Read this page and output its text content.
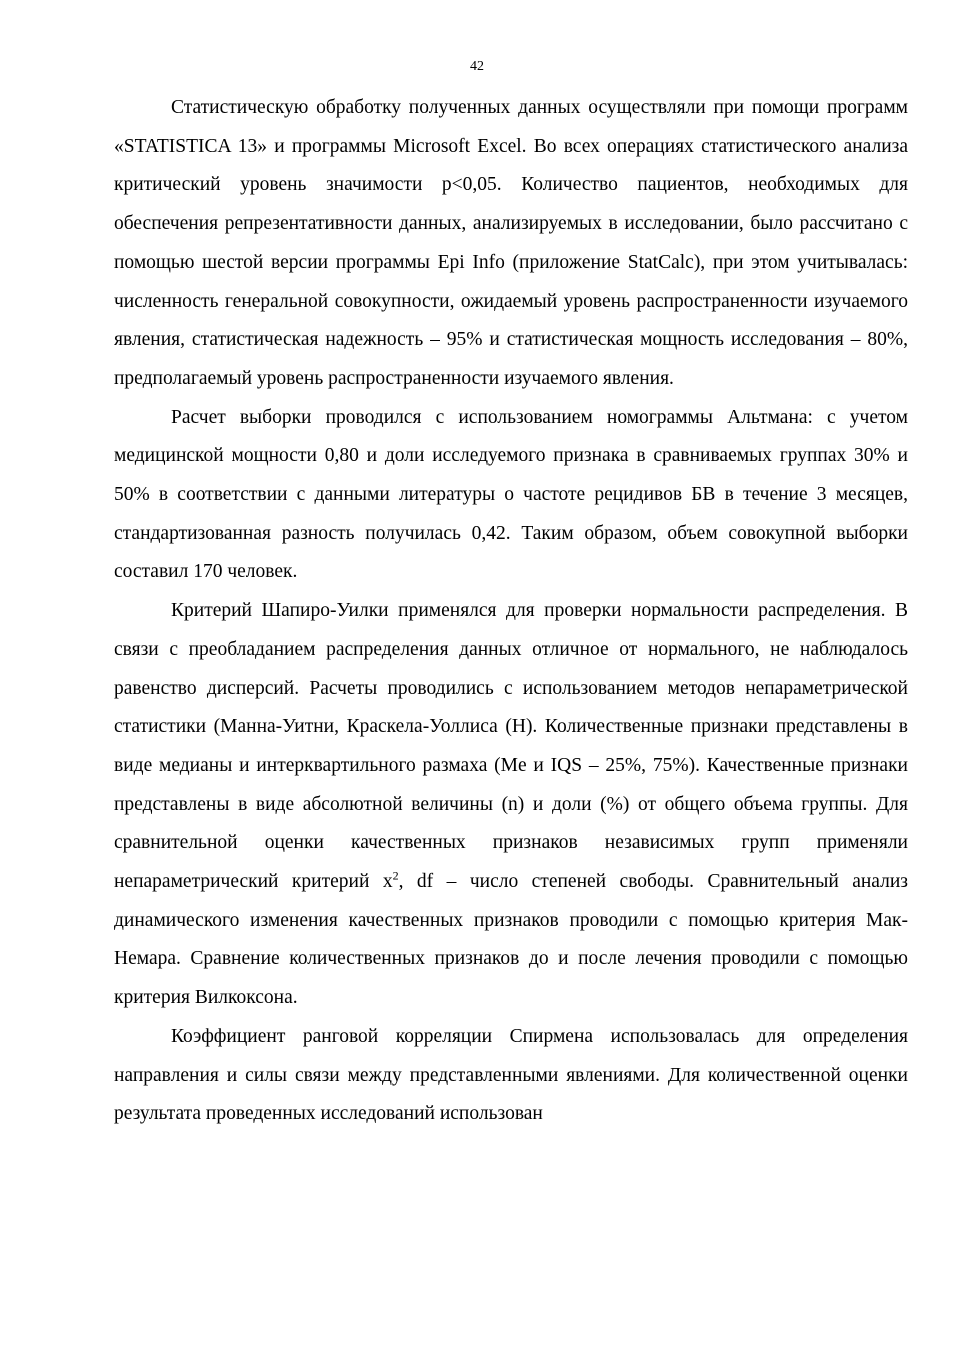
42

Статистическую обработку полученных данных осуществляли при помощи программ «STATISTICA 13» и программы Microsoft Excel. Во всех операциях статистического анализа критический уровень значимости p<0,05. Количество пациентов, необходимых для обеспечения репрезентативности данных, анализируемых в исследовании, было рассчитано с помощью шестой версии программы Epi Info (приложение StatCalc), при этом учитывалась: численность генеральной совокупности, ожидаемый уровень распространенности изучаемого явления, статистическая надежность – 95% и статистическая мощность исследования – 80%, предполагаемый уровень распространенности изучаемого явления.

Расчет выборки проводился с использованием номограммы Альтмана: с учетом медицинской мощности 0,80 и доли исследуемого признака в сравниваемых группах 30% и 50% в соответствии с данными литературы о частоте рецидивов БВ в течение 3 месяцев, стандартизованная разность получилась 0,42. Таким образом, объем совокупной выборки составил 170 человек.

Критерий Шапиро-Уилки применялся для проверки нормальности распределения. В связи с преобладанием распределения данных отличное от нормального, не наблюдалось равенство дисперсий. Расчеты проводились с использованием методов непараметрической статистики (Манна-Уитни, Краскела-Уоллиса (H). Количественные признаки представлены в виде медианы и интерквартильного размаха (Me и IQS – 25%, 75%). Качественные признаки представлены в виде абсолютной величины (n) и доли (%) от общего объема группы. Для сравнительной оценки качественных признаков независимых групп применяли непараметрический критерий $x^2$, df – число степеней свободы. Сравнительный анализ динамического изменения качественных признаков проводили с помощью критерия Мак-Немара. Сравнение количественных признаков до и после лечения проводили с помощью критерия Вилкоксона.

Коэффициент ранговой корреляции Спирмена использовалась для определения направления и силы связи между представленными явлениями. Для количественной оценки результата проведенных исследований использован
